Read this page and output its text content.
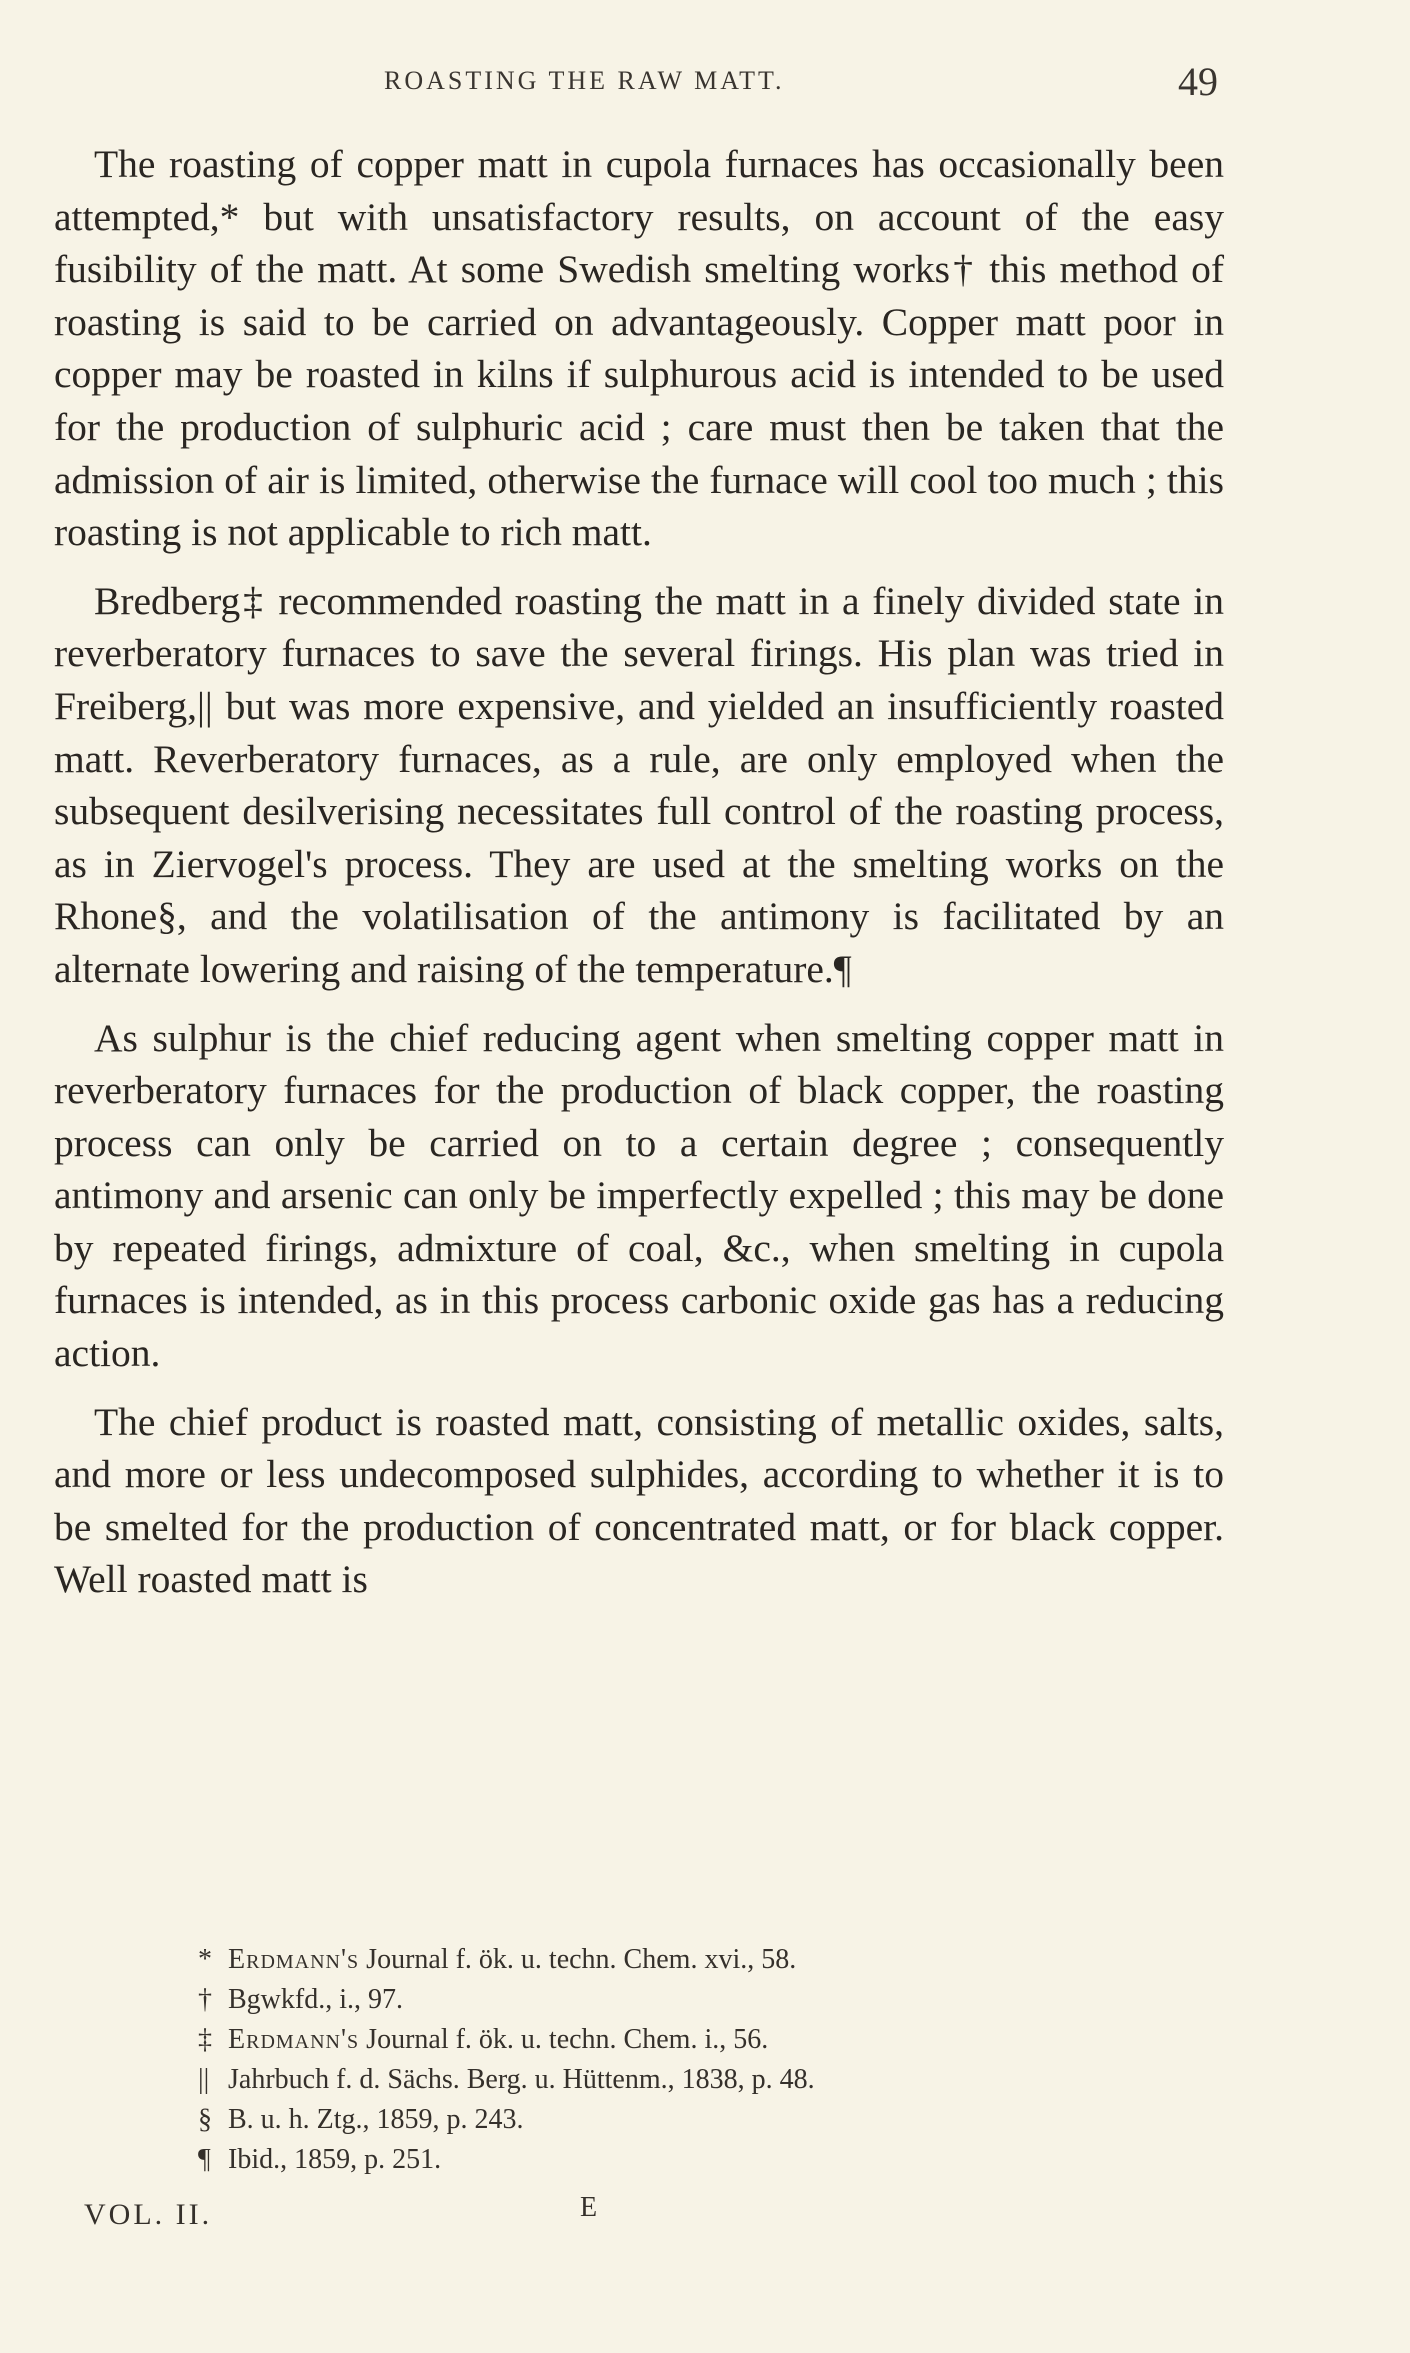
ROASTING THE RAW MATT.	49

The roasting of copper matt in cupola furnaces has occasionally been attempted,* but with unsatisfactory results, on account of the easy fusibility of the matt. At some Swedish smelting works† this method of roasting is said to be carried on advantageously. Copper matt poor in copper may be roasted in kilns if sulphurous acid is intended to be used for the production of sulphuric acid ; care must then be taken that the admission of air is limited, otherwise the furnace will cool too much ; this roasting is not applicable to rich matt.

Bredberg‡ recommended roasting the matt in a finely divided state in reverberatory furnaces to save the several firings. His plan was tried in Freiberg,|| but was more expensive, and yielded an insufficiently roasted matt. Reverberatory furnaces, as a rule, are only employed when the subsequent desilverising necessitates full control of the roasting process, as in Ziervogel's process. They are used at the smelting works on the Rhone§, and the volatilisation of the antimony is facilitated by an alternate lowering and raising of the temperature.¶

As sulphur is the chief reducing agent when smelting copper matt in reverberatory furnaces for the production of black copper, the roasting process can only be carried on to a certain degree ; consequently antimony and arsenic can only be imperfectly expelled ; this may be done by repeated firings, admixture of coal, &c., when smelting in cupola furnaces is intended, as in this process carbonic oxide gas has a reducing action.

The chief product is roasted matt, consisting of metallic oxides, salts, and more or less undecomposed sulphides, according to whether it is to be smelted for the production of concentrated matt, or for black copper. Well roasted matt is

* Erdmann's Journal f. ök. u. techn. Chem. xvi., 58.
† Bgwkfd., i., 97.
‡ Erdmann's Journal f. ök. u. techn. Chem. i., 56.
|| Jahrbuch f. d. Sächs. Berg. u. Hüttenm., 1838, p. 48.
§ B. u. h. Ztg., 1859, p. 243.
¶ Ibid., 1859, p. 251.
VOL. II.	E
